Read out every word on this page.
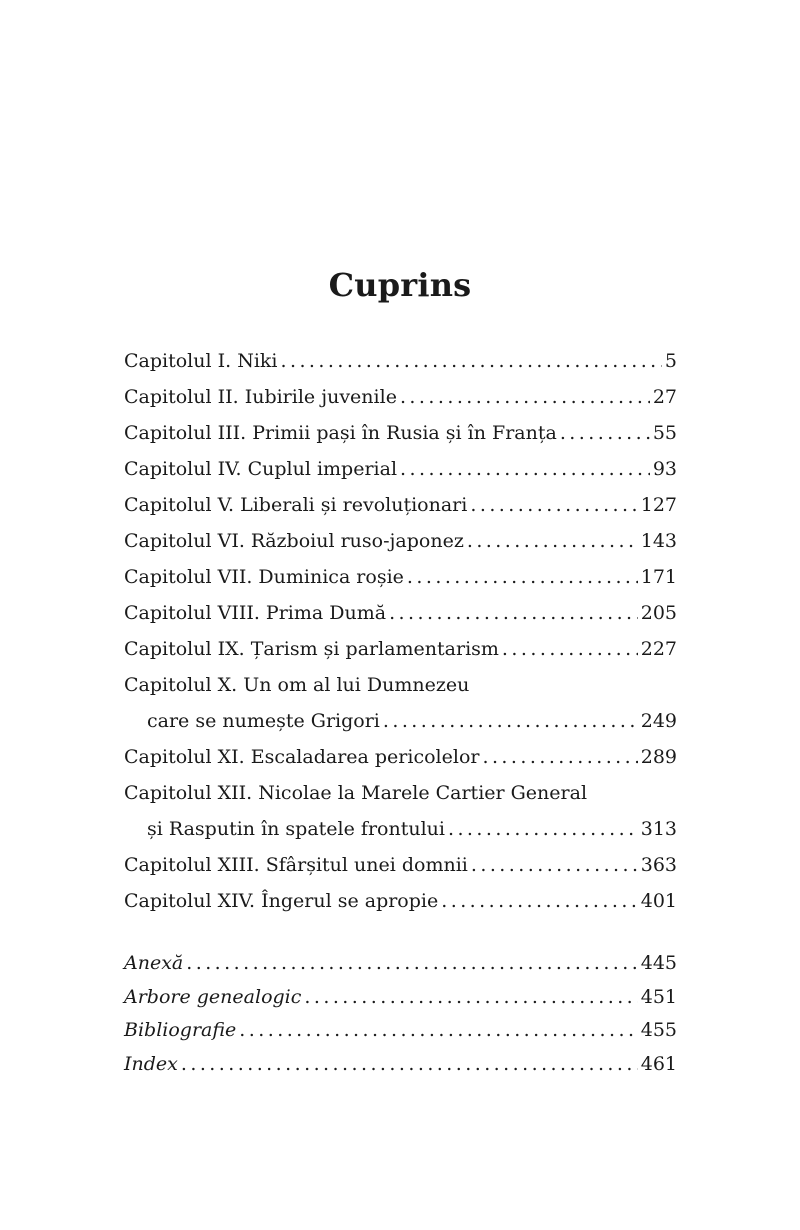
Cuprins
Capitolul I. Niki . . .	5
Capitolul II. Iubirile juvenile . . .	27
Capitolul III. Primii pași în Rusia și în Franța . . .	55
Capitolul IV. Cuplul imperial . . .	93
Capitolul V. Liberali și revoluționari . . .	127
Capitolul VI. Războiul ruso-japonez . . .	143
Capitolul VII. Duminica roșie . . .	171
Capitolul VIII. Prima Dumă . . .	205
Capitolul IX. Țarism și parlamentarism . . .	227
Capitolul X. Un om al lui Dumnezeu
care se numește Grigori . . .	249
Capitolul XI. Escaladarea pericolelor . . .	289
Capitolul XII. Nicolae la Marele Cartier General
și Rasputin în spatele frontului . . .	313
Capitolul XIII. Sfârșitul unei domnii . . .	363
Capitolul XIV. Îngerul se apropie . . .	401
Anexă . . .	445
Arbore genealogic . . .	451
Bibliografie . . .	455
Index . . .	461
